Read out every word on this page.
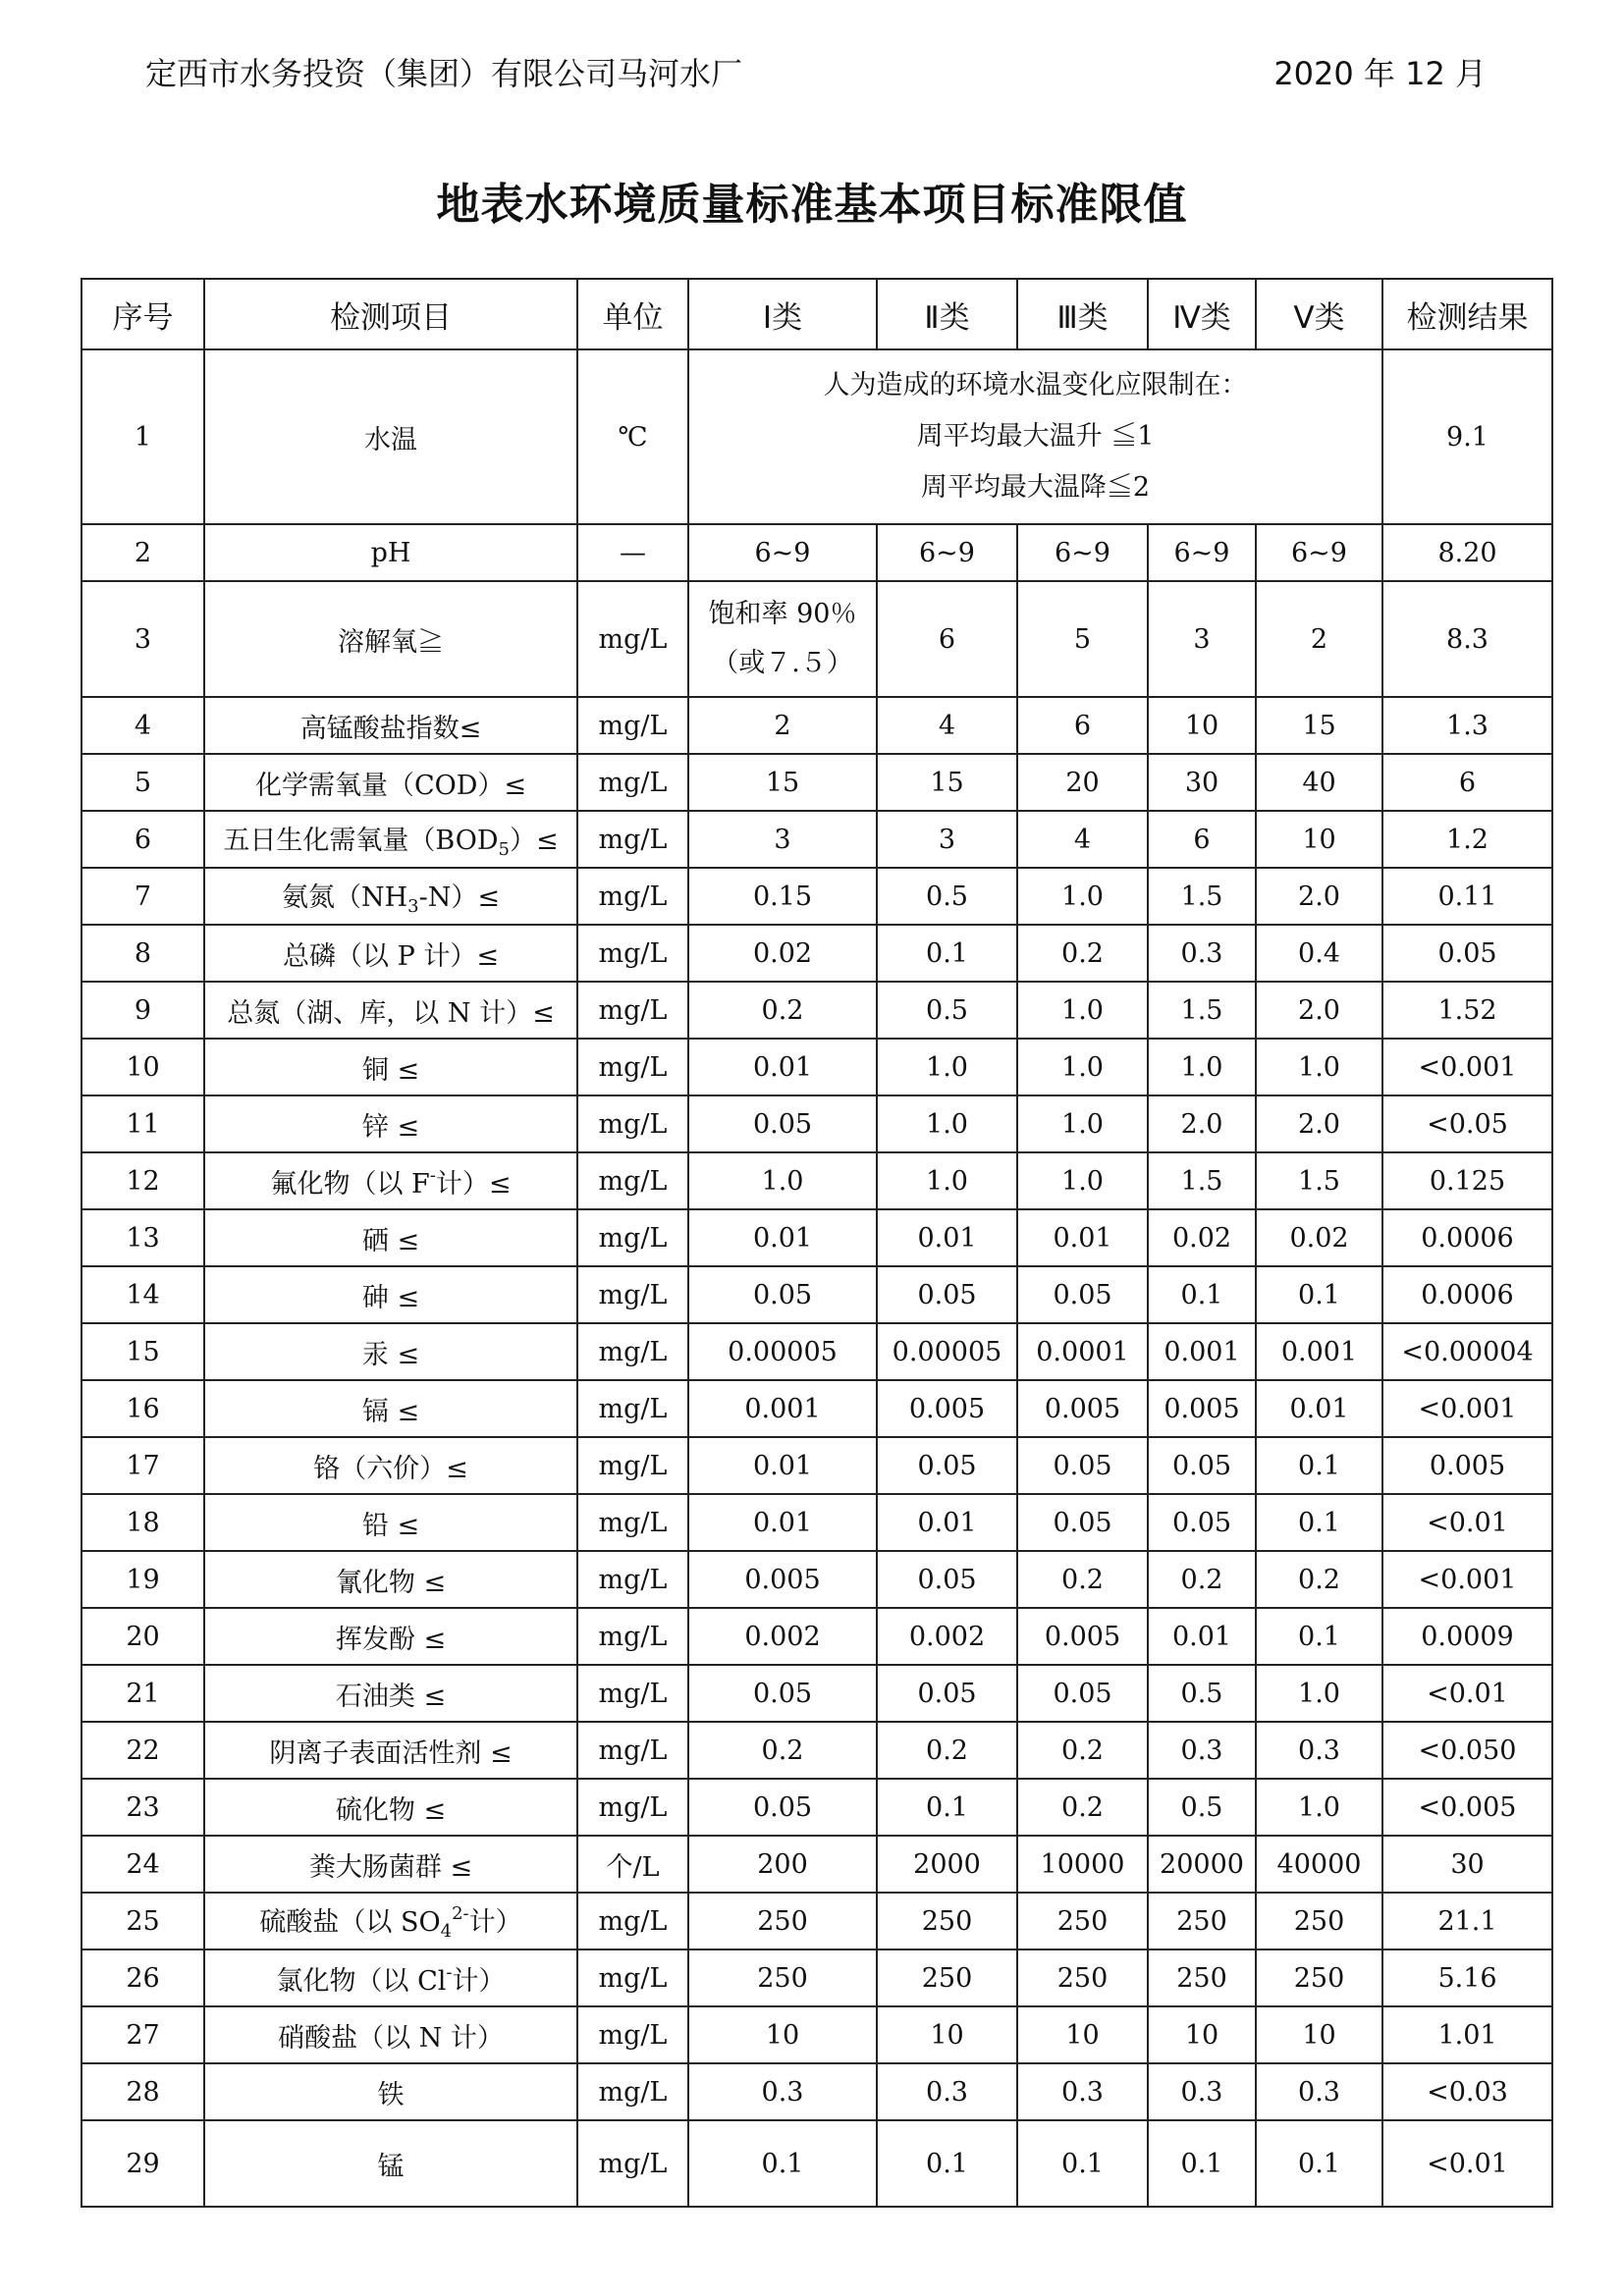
定西市水务投资（集团）有限公司马河水厂	2020 年 12 月
地表水环境质量标准基本项目标准限值
序号	检测项目	单位	Ⅰ类	Ⅱ类	Ⅲ类	Ⅳ类	Ⅴ类	检测结果
1	水温	℃	人为造成的环境水温变化应限制在：
周平均最大温升 ≦1
周平均最大温降≦2					9.1
2	pH	—	6~9	6~9	6~9	6~9	6~9	8.20
3	溶解氧≧	mg/L	饱和率 90％
（或７.５）	6	5	3	2	8.3
4	高锰酸盐指数≤	mg/L	2	4	6	10	15	1.3
5	化学需氧量（COD）≤	mg/L	15	15	20	30	40	6
6	五日生化需氧量$(BOD_5)\le$	mg/L	3	3	4	6	10	1.2
7	氨氮$(NH_3-N)\le$	mg/L	0.15	0.5	1.0	1.5	2.0	0.11
8	总磷（以 P 计）≤	mg/L	0.02	0.1	0.2	0.3	0.4	0.05
9	总氮（湖、库，以 N 计）≤	mg/L	0.2	0.5	1.0	1.5	2.0	1.52
10	铜 ≤	mg/L	0.01	1.0	1.0	1.0	1.0	<0.001
11	锌 ≤	mg/L	0.05	1.0	1.0	2.0	2.0	<0.05
12	氟化物（以 F-计）≤	mg/L	1.0	1.0	1.0	1.5	1.5	0.125
13	硒 ≤	mg/L	0.01	0.01	0.01	0.02	0.02	0.0006
14	砷 ≤	mg/L	0.05	0.05	0.05	0.1	0.1	0.0006
15	汞 ≤	mg/L	0.00005	0.00005	0.0001	0.001	0.001	<0.00004
16	镉 ≤	mg/L	0.001	0.005	0.005	0.005	0.01	<0.001
17	铬（六价）≤	mg/L	0.01	0.05	0.05	0.05	0.1	0.005
18	铅 ≤	mg/L	0.01	0.01	0.05	0.05	0.1	<0.01
19	氰化物 ≤	mg/L	0.005	0.05	0.2	0.2	0.2	<0.001
20	挥发酚 ≤	mg/L	0.002	0.002	0.005	0.01	0.1	0.0009
21	石油类 ≤	mg/L	0.05	0.05	0.05	0.5	1.0	<0.01
22	阴离子表面活性剂 ≤	mg/L	0.2	0.2	0.2	0.3	0.3	<0.050
23	硫化物 ≤	mg/L	0.05	0.1	0.2	0.5	1.0	<0.005
24	粪大肠菌群 ≤	个/L	200	2000	10000	20000	40000	30
25	硫酸盐（以 $SO_4^{2-}$计）	mg/L	250	250	250	250	250	21.1
26	氯化物（以 Cl-计）	mg/L	250	250	250	250	250	5.16
27	硝酸盐（以 N 计）	mg/L	10	10	10	10	10	1.01
28	铁	mg/L	0.3	0.3	0.3	0.3	0.3	<0.03
29	锰	mg/L	0.1	0.1	0.1	0.1	0.1	<0.01
